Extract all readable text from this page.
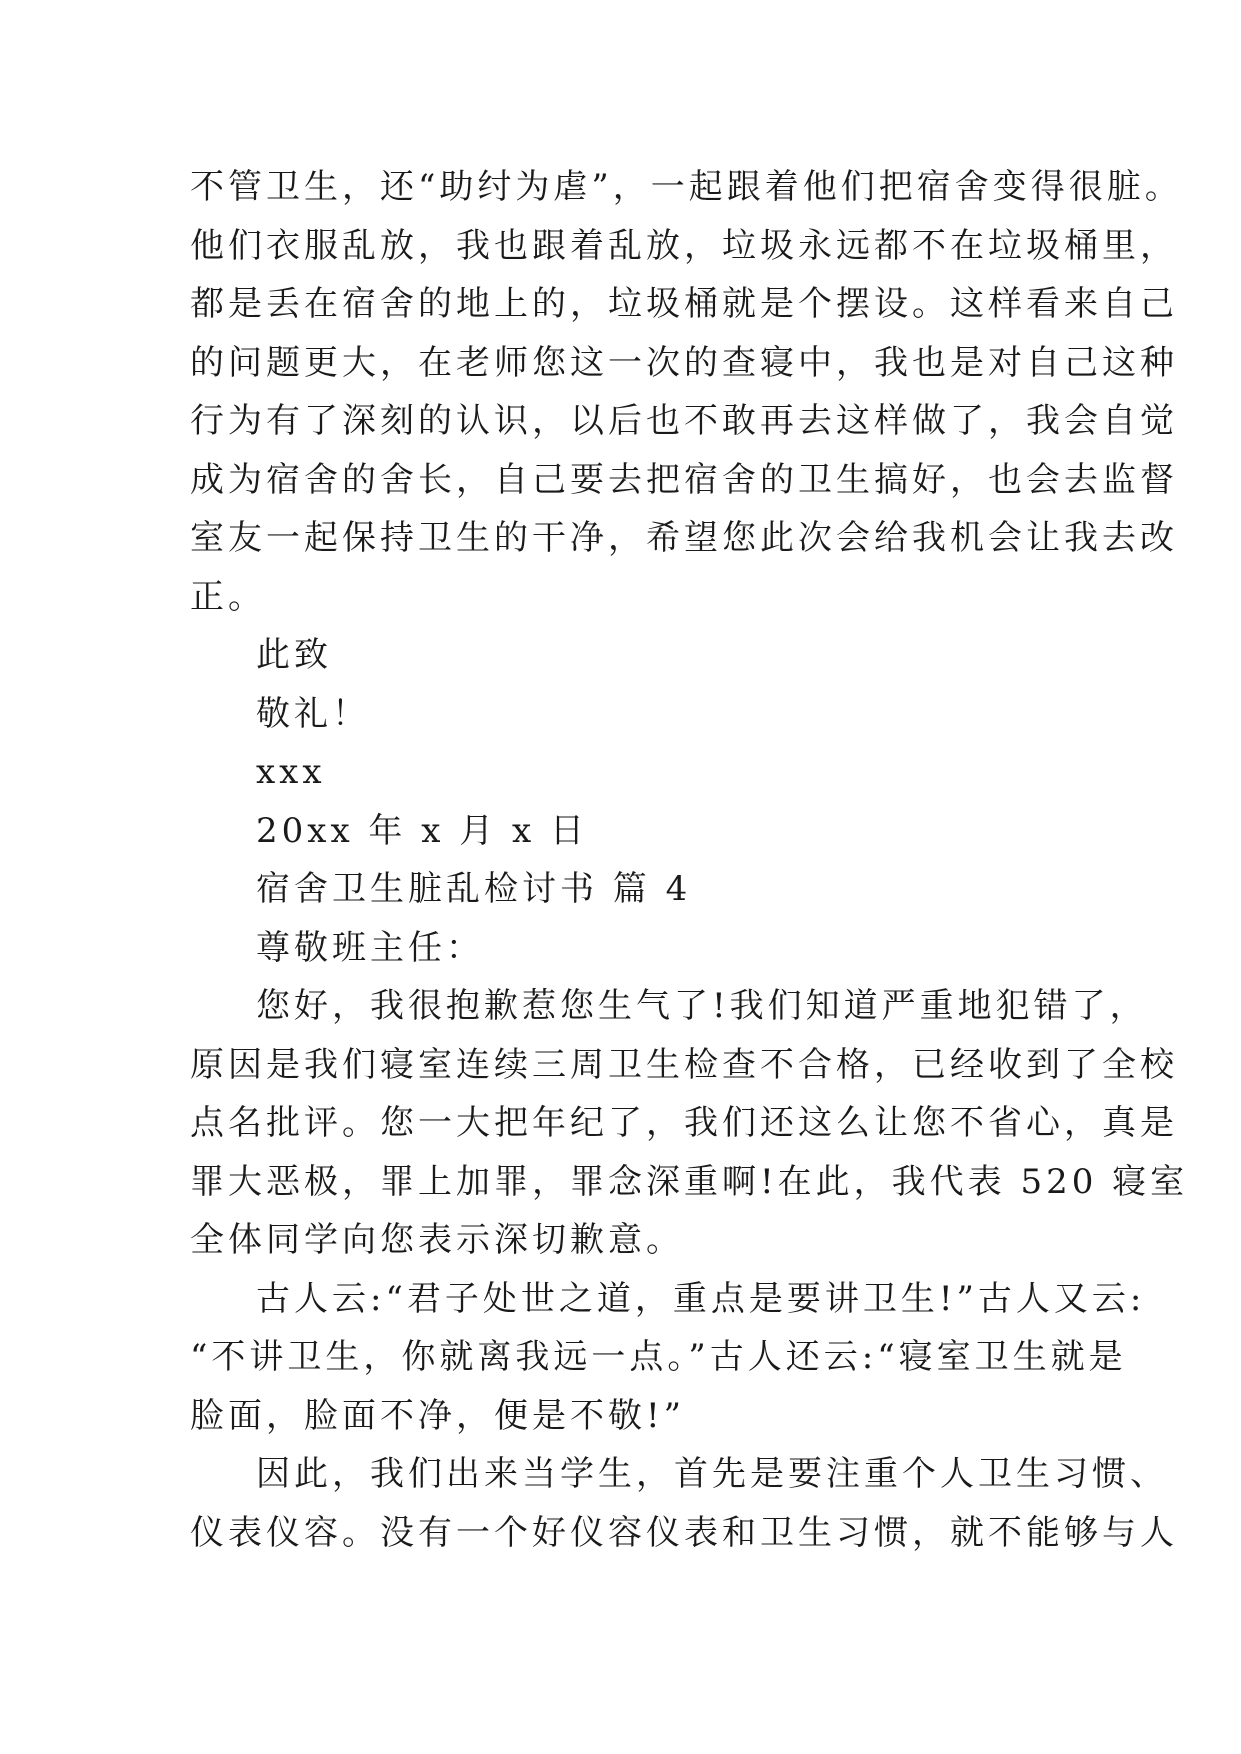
不管卫生，还“助纣为虐”，一起跟着他们把宿舍变得很脏。
他们衣服乱放，我也跟着乱放，垃圾永远都不在垃圾桶里，
都是丢在宿舍的地上的，垃圾桶就是个摆设。这样看来自己
的问题更大，在老师您这一次的查寝中，我也是对自己这种
行为有了深刻的认识，以后也不敢再去这样做了，我会自觉
成为宿舍的舍长，自己要去把宿舍的卫生搞好，也会去监督
室友一起保持卫生的干净，希望您此次会给我机会让我去改
正。
此致
敬礼！
xxx
20xx 年 x 月 x 日
宿舍卫生脏乱检讨书 篇 4
尊敬班主任：
您好，我很抱歉惹您生气了!我们知道严重地犯错了，
原因是我们寝室连续三周卫生检查不合格，已经收到了全校
点名批评。您一大把年纪了，我们还这么让您不省心，真是
罪大恶极，罪上加罪，罪念深重啊!在此，我代表 520 寝室
全体同学向您表示深切歉意。
古人云:“君子处世之道，重点是要讲卫生!”古人又云:
“不讲卫生，你就离我远一点。”古人还云:“寝室卫生就是
脸面，脸面不净，便是不敬!”
因此，我们出来当学生，首先是要注重个人卫生习惯、
仪表仪容。没有一个好仪容仪表和卫生习惯，就不能够与人
